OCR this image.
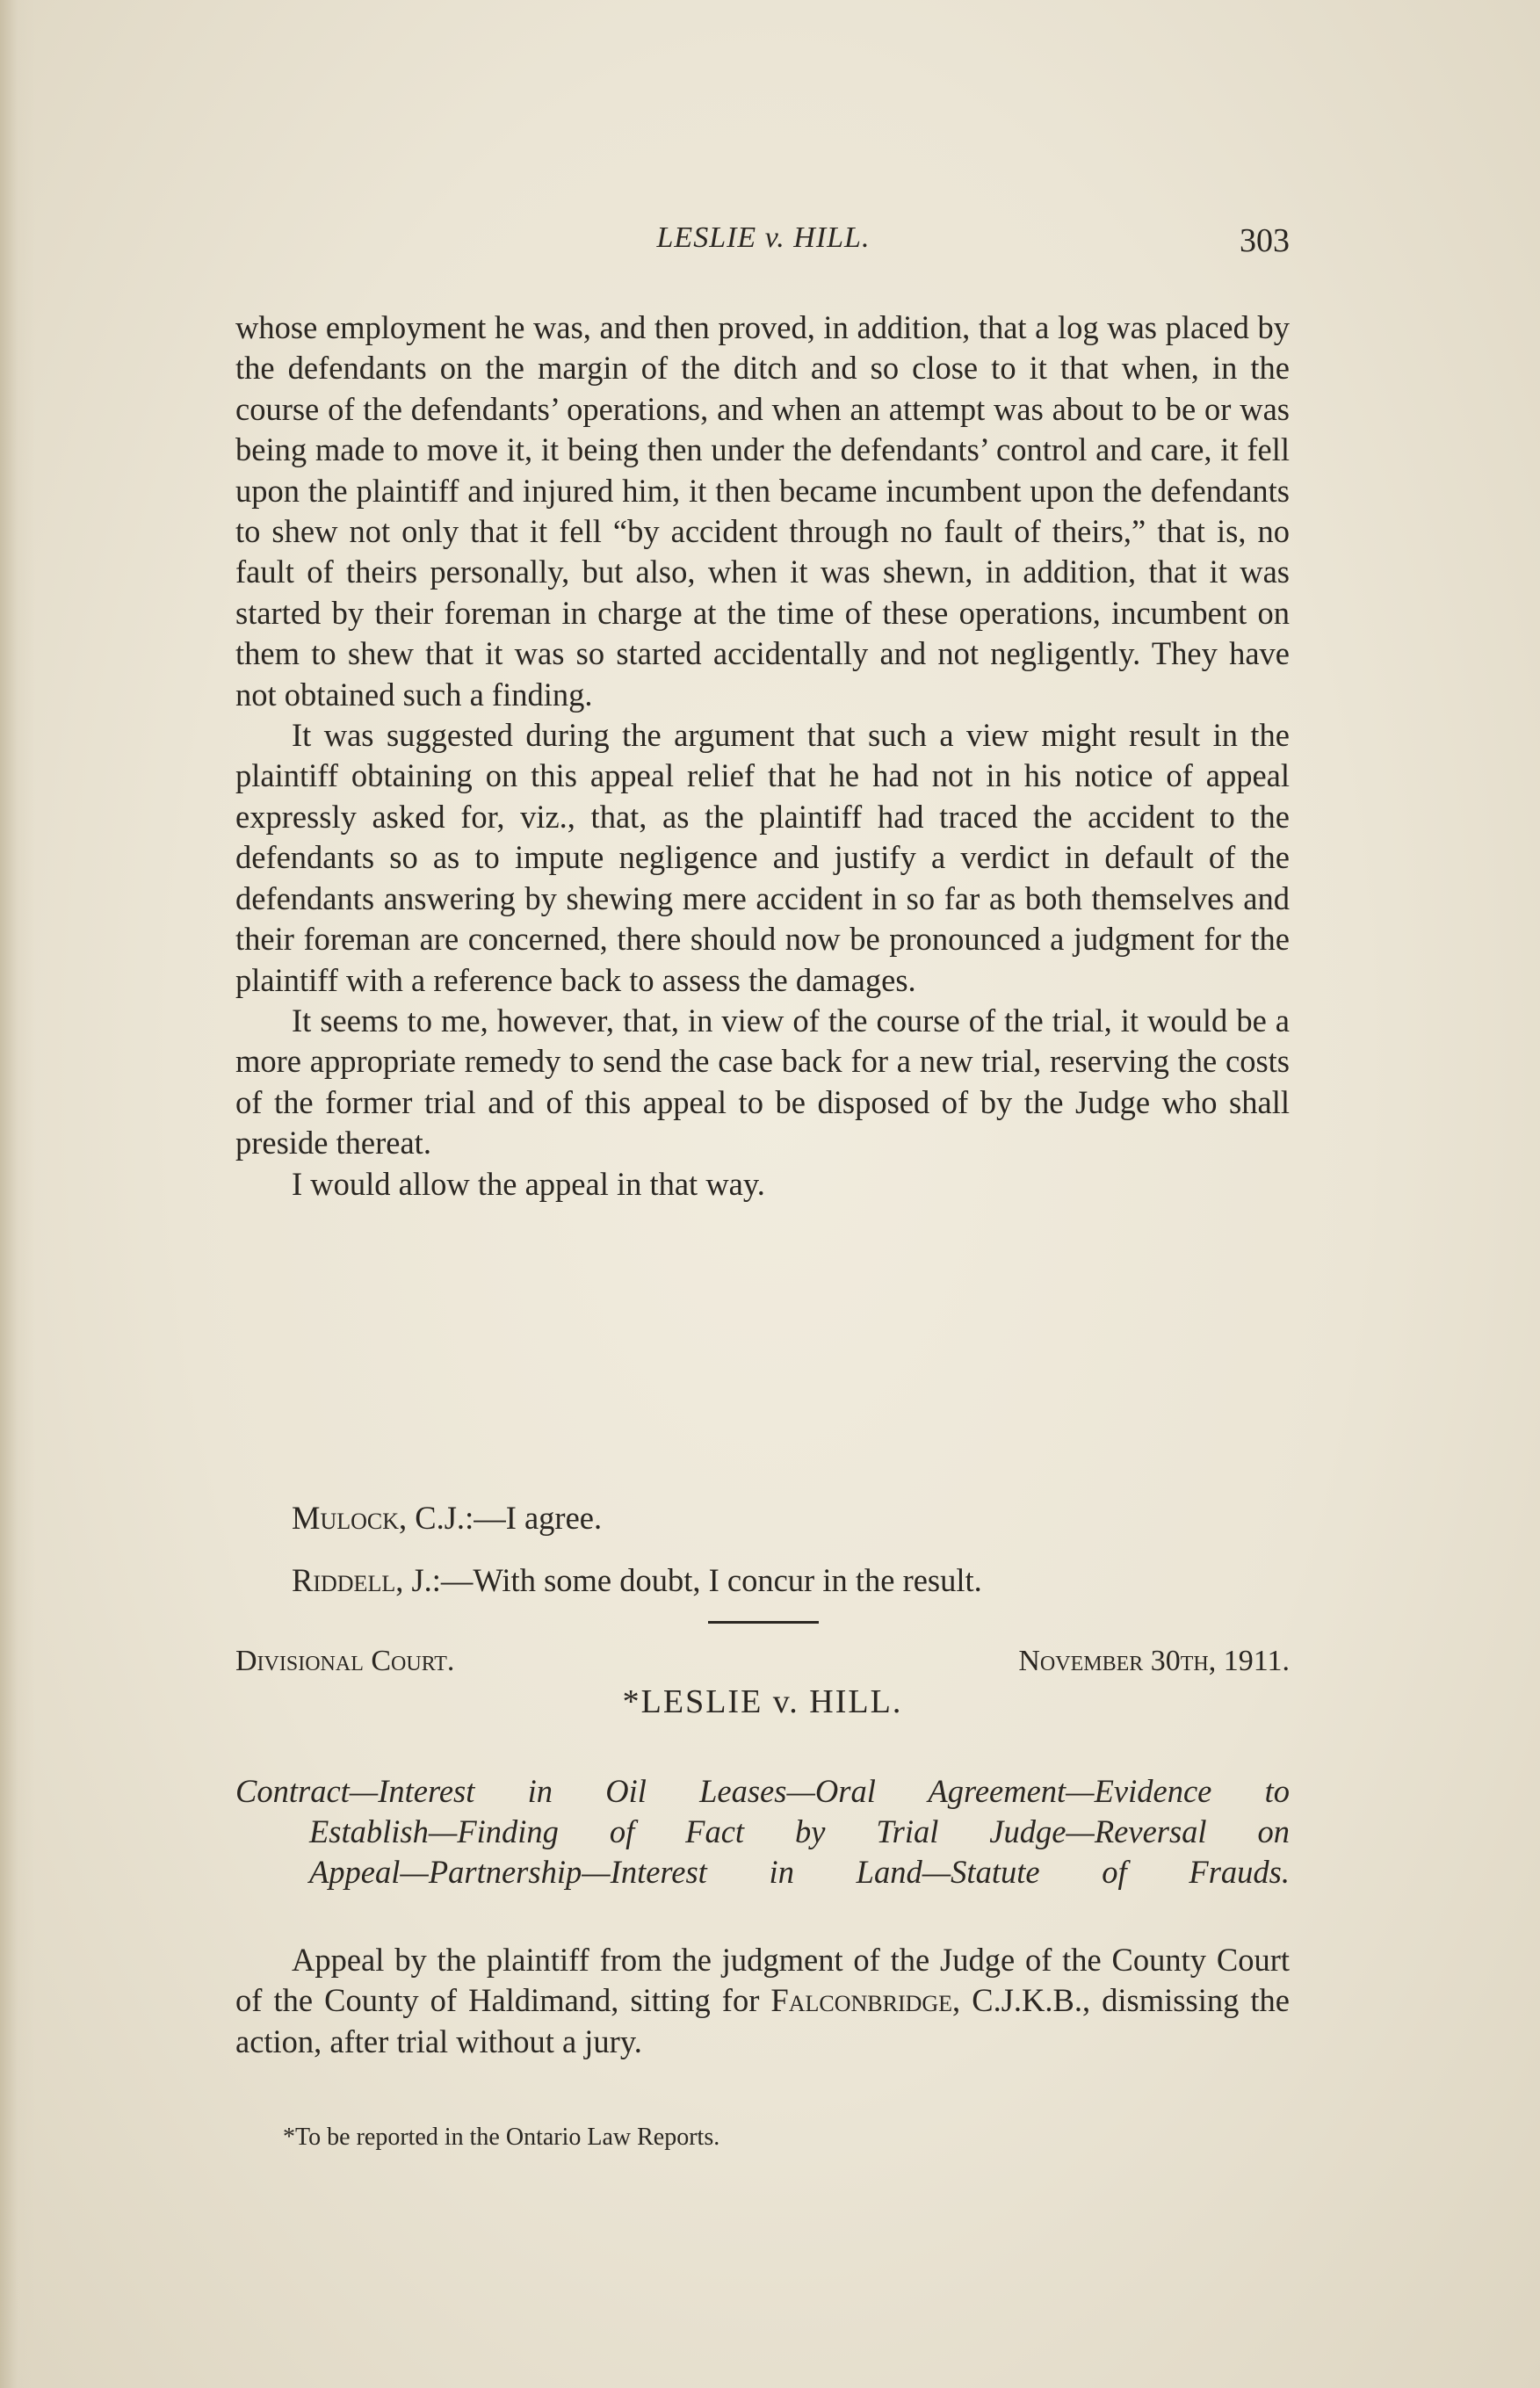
LESLIE v. HILL.	303

whose employment he was, and then proved, in addition, that a log was placed by the defendants on the margin of the ditch and so close to it that when, in the course of the defendants’ operations, and when an attempt was about to be or was being made to move it, it being then under the defendants’ control and care, it fell upon the plaintiff and injured him, it then became incumbent upon the defendants to shew not only that it fell “by accident through no fault of theirs,” that is, no fault of theirs personally, but also, when it was shewn, in addition, that it was started by their foreman in charge at the time of these operations, incumbent on them to shew that it was so started accidentally and not negligently. They have not obtained such a finding.

It was suggested during the argument that such a view might result in the plaintiff obtaining on this appeal relief that he had not in his notice of appeal expressly asked for, viz., that, as the plaintiff had traced the accident to the defendants so as to impute negligence and justify a verdict in default of the defendants answering by shewing mere accident in so far as both themselves and their foreman are concerned, there should now be pronounced a judgment for the plaintiff with a reference back to assess the damages.

It seems to me, however, that, in view of the course of the trial, it would be a more appropriate remedy to send the case back for a new trial, reserving the costs of the former trial and of this appeal to be disposed of by the Judge who shall preside thereat.

I would allow the appeal in that way.

Mulock, C.J.:—I agree.
Riddell, J.:—With some doubt, I concur in the result.
Divisional Court.	November 30th, 1911.
*LESLIE v. HILL.
Contract—Interest in Oil Leases—Oral Agreement—Evidence to
Establish—Finding of Fact by Trial Judge—Reversal on
Appeal—Partnership—Interest in Land—Statute of Frauds.

Appeal by the plaintiff from the judgment of the Judge of the County Court of the County of Haldimand, sitting for Falconbridge, C.J.K.B., dismissing the action, after trial without a jury.

*To be reported in the Ontario Law Reports.
